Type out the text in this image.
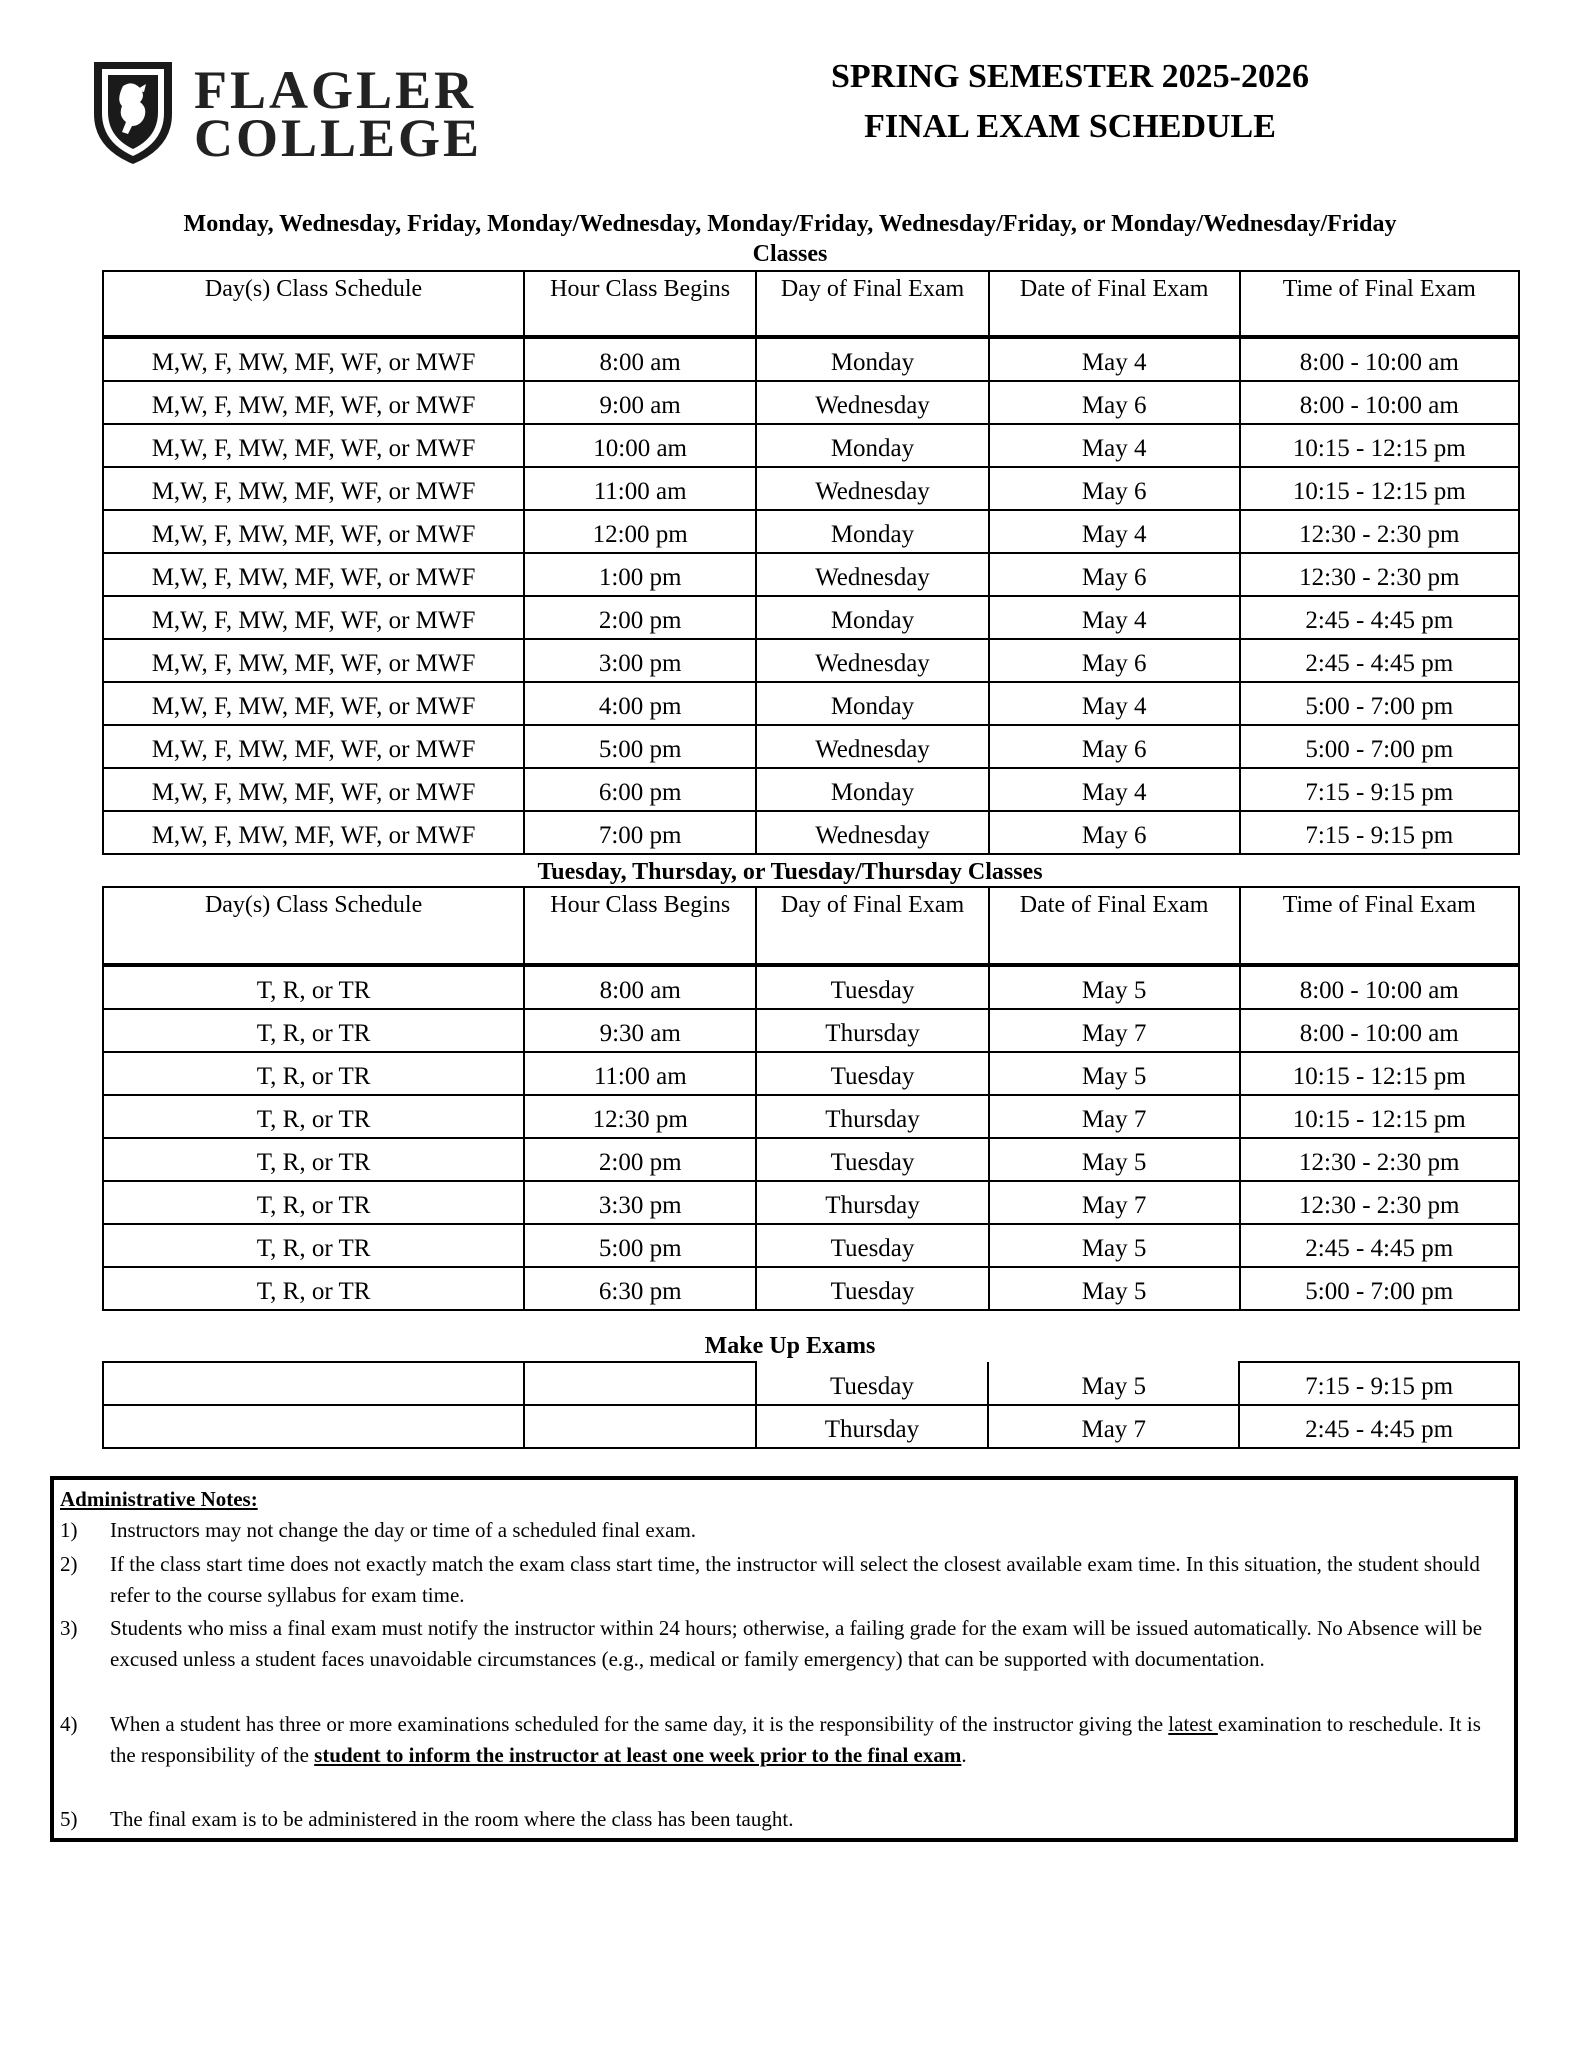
FLAGLER COLLEGE
SPRING SEMESTER 2025-2026
FINAL EXAM SCHEDULE
Monday, Wednesday, Friday, Monday/Wednesday, Monday/Friday, Wednesday/Friday, or Monday/Wednesday/Friday
Classes
Day(s) Class Schedule	Hour Class Begins	Day of Final Exam	Date of Final Exam	Time of Final Exam
M,W, F, MW, MF, WF, or MWF	8:00 am	Monday	May 4	8:00 - 10:00 am
M,W, F, MW, MF, WF, or MWF	9:00 am	Wednesday	May 6	8:00 - 10:00 am
M,W, F, MW, MF, WF, or MWF	10:00 am	Monday	May 4	10:15 - 12:15 pm
M,W, F, MW, MF, WF, or MWF	11:00 am	Wednesday	May 6	10:15 - 12:15 pm
M,W, F, MW, MF, WF, or MWF	12:00 pm	Monday	May 4	12:30 - 2:30 pm
M,W, F, MW, MF, WF, or MWF	1:00 pm	Wednesday	May 6	12:30 - 2:30 pm
M,W, F, MW, MF, WF, or MWF	2:00 pm	Monday	May 4	2:45 - 4:45 pm
M,W, F, MW, MF, WF, or MWF	3:00 pm	Wednesday	May 6	2:45 - 4:45 pm
M,W, F, MW, MF, WF, or MWF	4:00 pm	Monday	May 4	5:00 - 7:00 pm
M,W, F, MW, MF, WF, or MWF	5:00 pm	Wednesday	May 6	5:00 - 7:00 pm
M,W, F, MW, MF, WF, or MWF	6:00 pm	Monday	May 4	7:15 - 9:15 pm
M,W, F, MW, MF, WF, or MWF	7:00 pm	Wednesday	May 6	7:15 - 9:15 pm
Tuesday, Thursday, or Tuesday/Thursday Classes
Day(s) Class Schedule	Hour Class Begins	Day of Final Exam	Date of Final Exam	Time of Final Exam
T, R, or TR	8:00 am	Tuesday	May 5	8:00 - 10:00 am
T, R, or TR	9:30 am	Thursday	May 7	8:00 - 10:00 am
T, R, or TR	11:00 am	Tuesday	May 5	10:15 - 12:15 pm
T, R, or TR	12:30 pm	Thursday	May 7	10:15 - 12:15 pm
T, R, or TR	2:00 pm	Tuesday	May 5	12:30 - 2:30 pm
T, R, or TR	3:30 pm	Thursday	May 7	12:30 - 2:30 pm
T, R, or TR	5:00 pm	Tuesday	May 5	2:45 - 4:45 pm
T, R, or TR	6:30 pm	Tuesday	May 5	5:00 - 7:00 pm
Make Up Exams
		Tuesday	May 5	7:15 - 9:15 pm
		Thursday	May 7	2:45 - 4:45 pm
Administrative Notes:
1)	Instructors may not change the day or time of a scheduled final exam.
2)	If the class start time does not exactly match the exam class start time, the instructor will select the closest available exam time. In this situation, the student should refer to the course syllabus for exam time.
3)	Students who miss a final exam must notify the instructor within 24 hours; otherwise, a failing grade for the exam will be issued automatically. No Absence will be excused unless a student faces unavoidable circumstances (e.g., medical or family emergency) that can be supported with documentation.
4)	When a student has three or more examinations scheduled for the same day, it is the responsibility of the instructor giving the latest examination to reschedule. It is the responsibility of the student to inform the instructor at least one week prior to the final exam.
5)	The final exam is to be administered in the room where the class has been taught.
